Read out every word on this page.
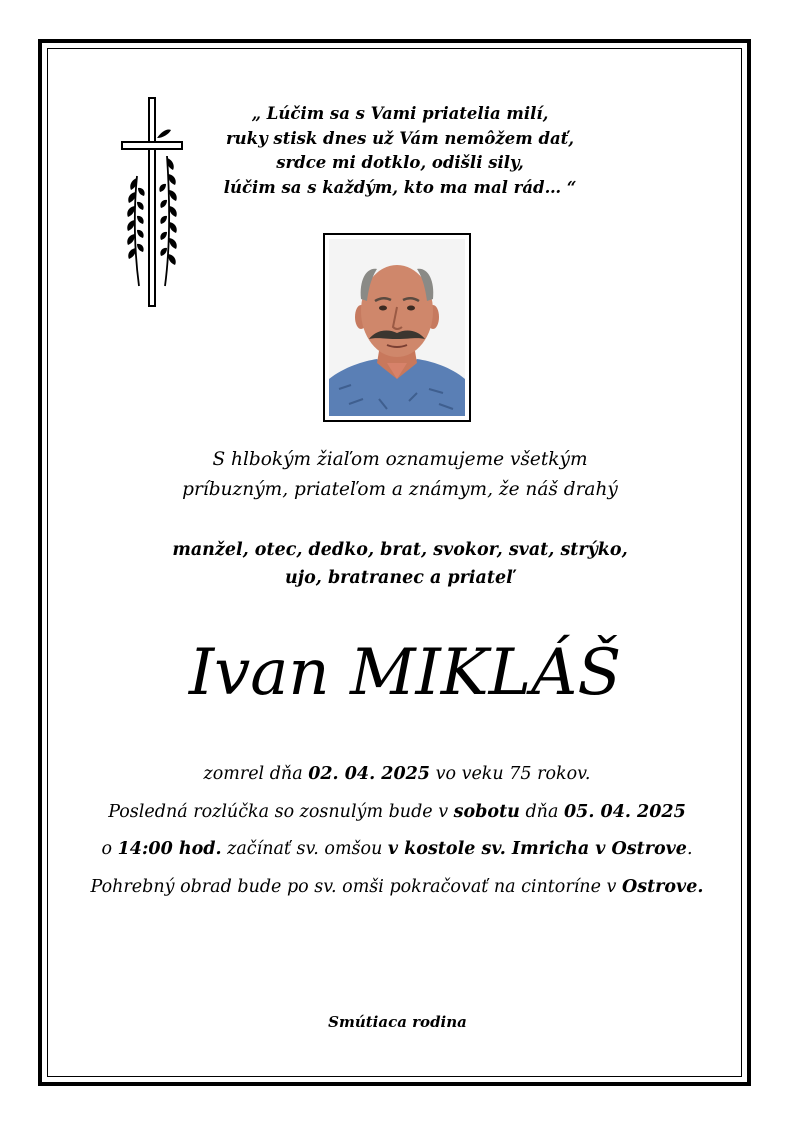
„ Lúčim sa s Vami priatelia milí,
ruky stisk dnes už Vám nemôžem dať,
srdce mi dotklo, odišli sily,
lúčim sa s každým, kto ma mal rád… “
S hlbokým žiaľom oznamujeme všetkým
príbuzným, priateľom a známym, že náš drahý
manžel, otec, dedko, brat, svokor, svat, strýko,
ujo, bratranec a priateľ
Ivan MIKLÁŠ
zomrel dňa 02. 04. 2025 vo veku 75 rokov.
Posledná rozlúčka so zosnulým bude v sobotu dňa 05. 04. 2025
o 14:00 hod. začínať sv. omšou v kostole sv. Imricha v Ostrove.
Pohrebný obrad bude po sv. omši pokračovať na cintoríne v Ostrove.
Smútiaca rodina
